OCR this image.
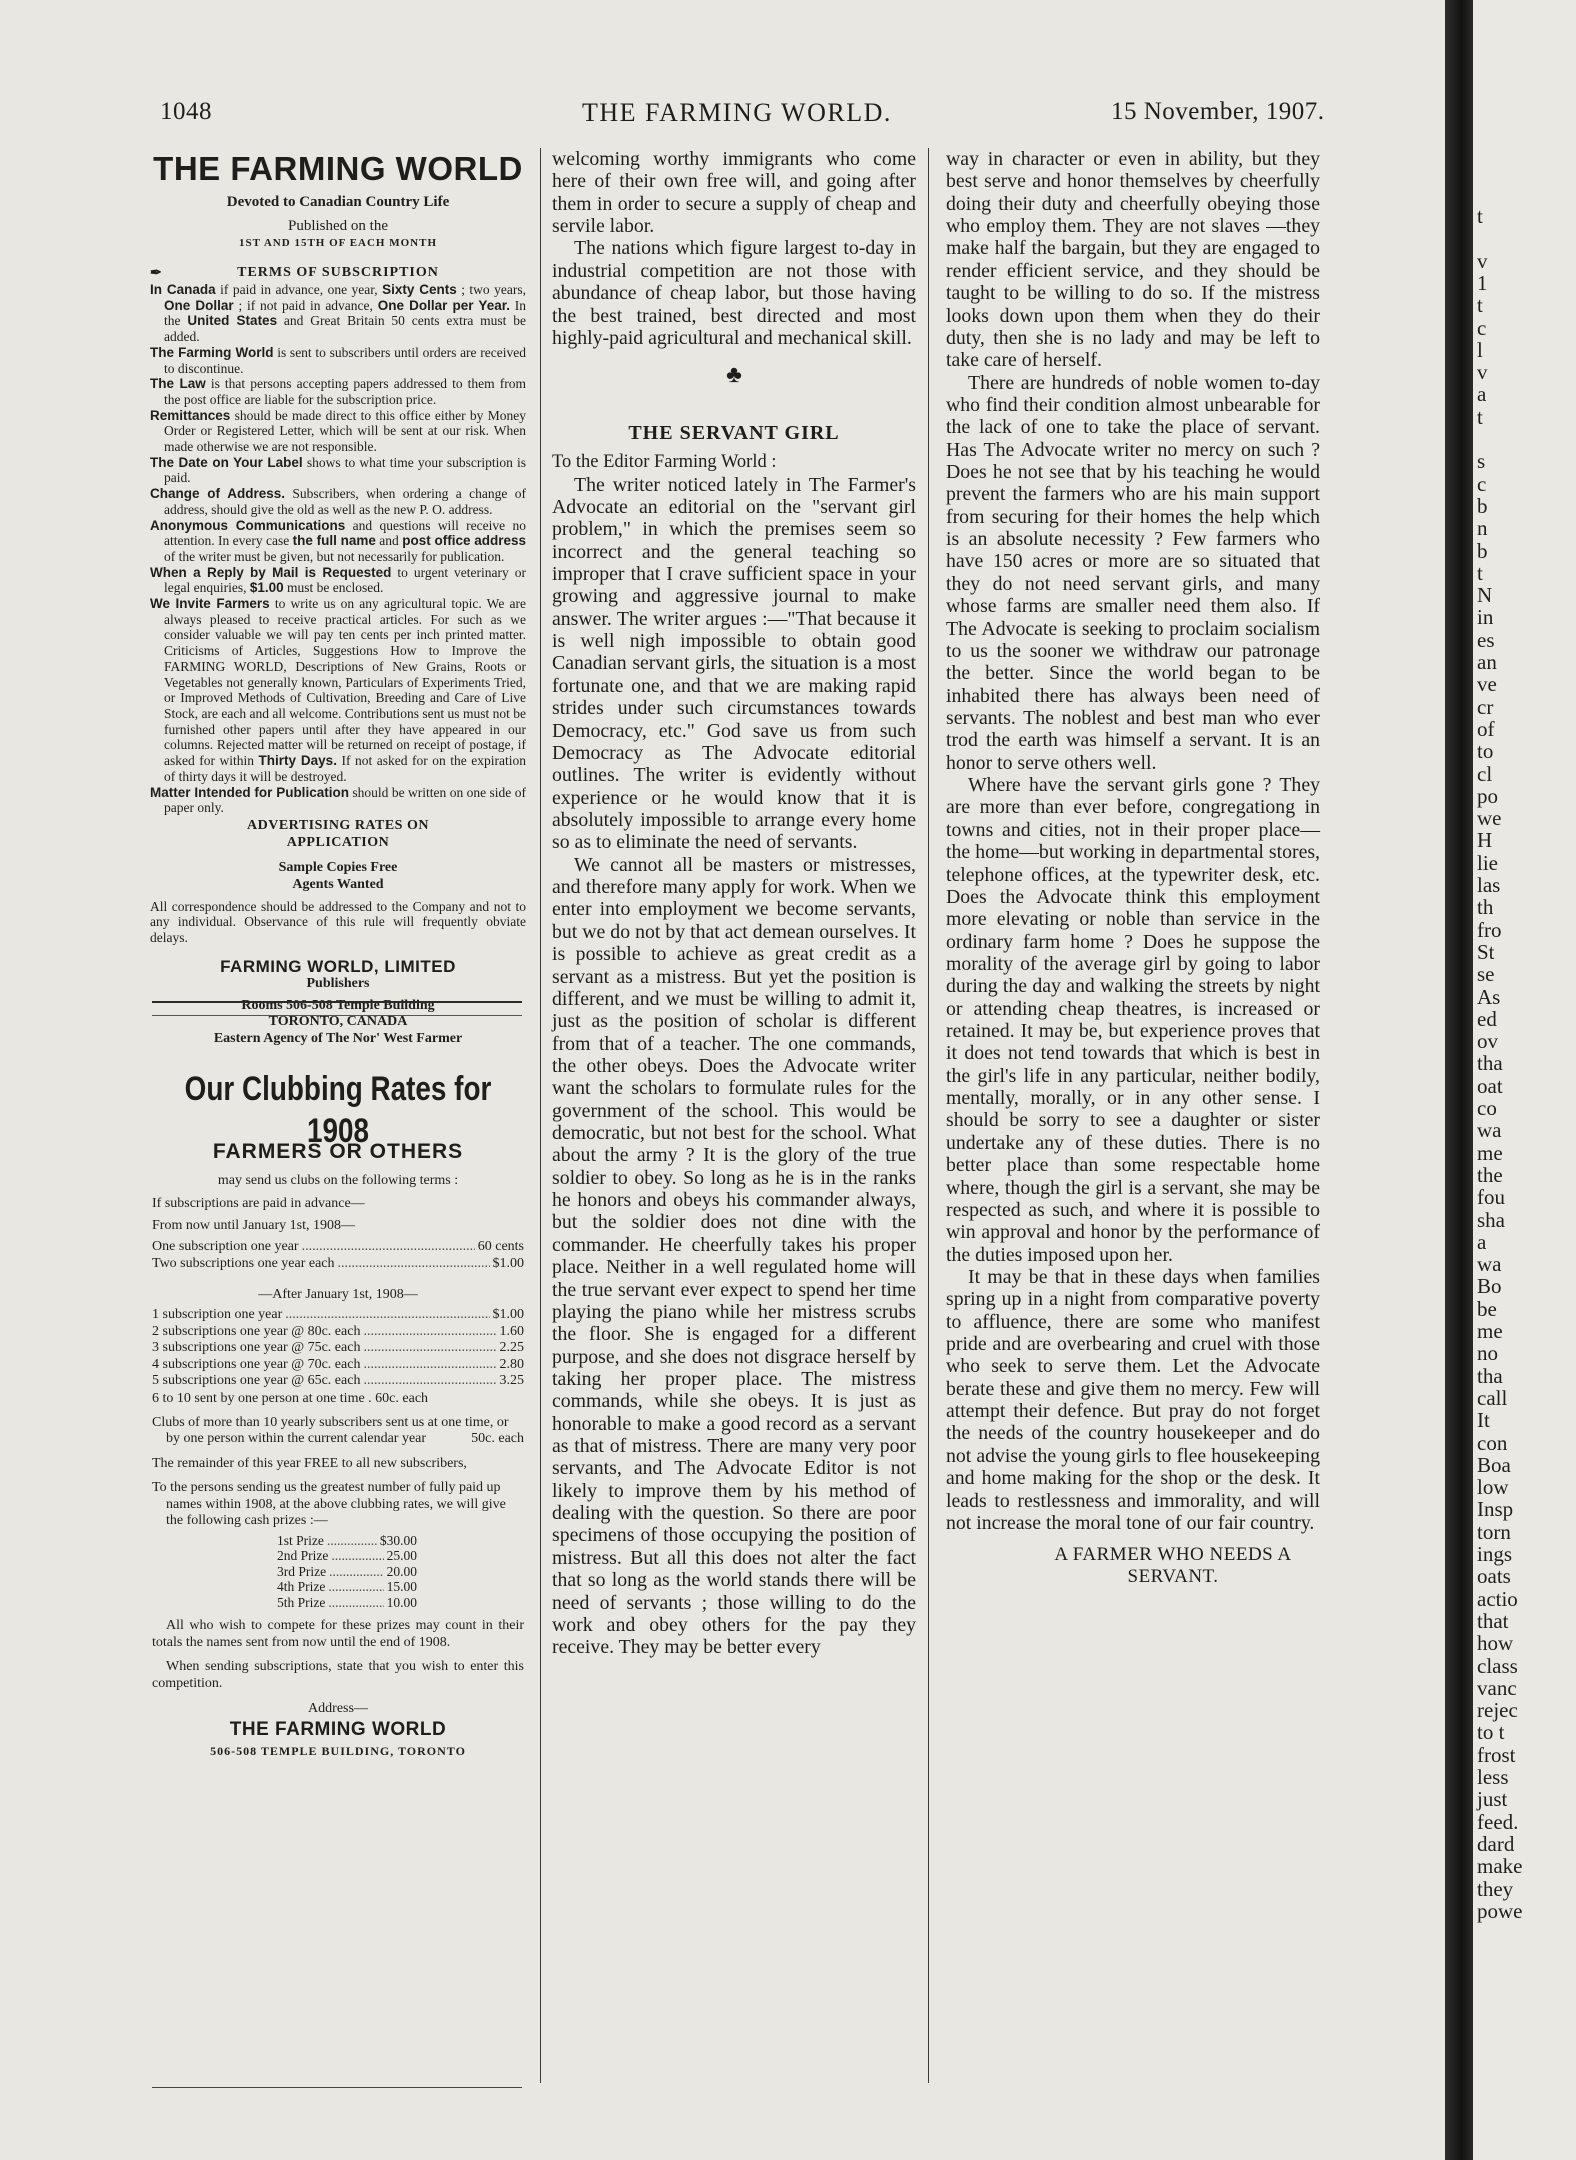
1048	THE FARMING WORLD.	15 November, 1907.
THE FARMING WORLD
Devoted to Canadian Country Life
Published on the
1ST AND 15TH OF EACH MONTH
✒	TERMS OF SUBSCRIPTION

In Canada if paid in advance, one year, Sixty Cents ; two years, One Dollar ; if not paid in advance, One Dollar per Year. In the United States and Great Britain 50 cents extra must be added.

The Farming World is sent to subscribers until orders are received to discontinue.

The Law is that persons accepting papers addressed to them from the post office are liable for the subscription price.

Remittances should be made direct to this office either by Money Order or Registered Letter, which will be sent at our risk. When made otherwise we are not responsible.

The Date on Your Label shows to what time your subscription is paid.

Change of Address. Subscribers, when ordering a change of address, should give the old as well as the new P. O. address.

Anonymous Communications and questions will receive no attention. In every case the full name and post office address of the writer must be given, but not necessarily for publication.

When a Reply by Mail is Requested to urgent veterinary or legal enquiries, $1.00 must be enclosed.

We Invite Farmers to write us on any agricultural topic. We are always pleased to receive practical articles. For such as we consider valuable we will pay ten cents per inch printed matter. Criticisms of Articles, Suggestions How to Improve the FARMING WORLD, Descriptions of New Grains, Roots or Vegetables not generally known, Particulars of Experiments Tried, or Improved Methods of Cultivation, Breeding and Care of Live Stock, are each and all welcome. Contributions sent us must not be furnished other papers until after they have appeared in our columns. Rejected matter will be returned on receipt of postage, if asked for within Thirty Days. If not asked for on the expiration of thirty days it will be destroyed.

Matter Intended for Publication should be written on one side of paper only.

ADVERTISING RATES ON
APPLICATION
Sample Copies Free
Agents Wanted
All correspondence should be addressed to the Company and not to any individual. Observance of this rule will frequently obviate delays.
FARMING WORLD, LIMITED
Publishers
Rooms 506-508 Temple Building
TORONTO, CANADA
Eastern Agency of The Nor' West Farmer
Our Clubbing Rates for 1908
FARMERS OR OTHERS

may send us clubs on the following terms :

If subscriptions are paid in advance—

From now until January 1st, 1908—

One subscription one year .....	60 cents
Two subscriptions one year each .....	$1.00
—After January 1st, 1908—
1 subscription one year .....	$1.00
2 subscriptions one year @ 80c. each .....	1.60
3 subscriptions one year @ 75c. each .....	2.25
4 subscriptions one year @ 70c. each .....	2.80
5 subscriptions one year @ 65c. each .....	3.25

6 to 10 sent by one person at one time . 60c. each

Clubs of more than 10 yearly subscribers sent us at one time, or by one person within the current calendar year	50c. each

The remainder of this year FREE to all new subscribers,

To the persons sending us the greatest number of fully paid up names within 1908, at the above clubbing rates, we will give the following cash prizes :—

1st Prize .....	$30.00
2nd Prize .....	25.00
3rd Prize .....	20.00
4th Prize .....	15.00
5th Prize .....	10.00

All who wish to compete for these prizes may count in their totals the names sent from now until the end of 1908.

When sending subscriptions, state that you wish to enter this competition.

Address—
THE FARMING WORLD
506-508 TEMPLE BUILDING, TORONTO

welcoming worthy immigrants who come here of their own free will, and going after them in order to secure a supply of cheap and servile labor.

The nations which figure largest to-day in industrial competition are not those with abundance of cheap labor, but those having the best trained, best directed and most highly-paid agricultural and mechanical skill.

♣
THE SERVANT GIRL

To the Editor Farming World :

The writer noticed lately in The Farmer's Advocate an editorial on the "servant girl problem," in which the premises seem so incorrect and the general teaching so improper that I crave sufficient space in your growing and aggressive journal to make answer. The writer argues :—"That because it is well nigh impossible to obtain good Canadian servant girls, the situation is a most fortunate one, and that we are making rapid strides under such circumstances towards Democracy, etc." God save us from such Democracy as The Advocate editorial outlines. The writer is evidently without experience or he would know that it is absolutely impossible to arrange every home so as to eliminate the need of servants.

We cannot all be masters or mistresses, and therefore many apply for work. When we enter into employment we become servants, but we do not by that act demean ourselves. It is possible to achieve as great credit as a servant as a mistress. But yet the position is different, and we must be willing to admit it, just as the position of scholar is different from that of a teacher. The one commands, the other obeys. Does the Advocate writer want the scholars to formulate rules for the government of the school. This would be democratic, but not best for the school. What about the army ? It is the glory of the true soldier to obey. So long as he is in the ranks he honors and obeys his commander always, but the soldier does not dine with the commander. He cheerfully takes his proper place. Neither in a well regulated home will the true servant ever expect to spend her time playing the piano while her mistress scrubs the floor. She is engaged for a different purpose, and she does not disgrace herself by taking her proper place. The mistress commands, while she obeys. It is just as honorable to make a good record as a servant as that of mistress. There are many very poor servants, and The Advocate Editor is not likely to improve them by his method of dealing with the question. So there are poor specimens of those occupying the position of mistress. But all this does not alter the fact that so long as the world stands there will be need of servants ; those willing to do the work and obey others for the pay they receive. They may be better every

way in character or even in ability, but they best serve and honor themselves by cheerfully doing their duty and cheerfully obeying those who employ them. They are not slaves —they make half the bargain, but they are engaged to render efficient service, and they should be taught to be willing to do so. If the mistress looks down upon them when they do their duty, then she is no lady and may be left to take care of herself.

There are hundreds of noble women to-day who find their condition almost unbearable for the lack of one to take the place of servant. Has The Advocate writer no mercy on such ? Does he not see that by his teaching he would prevent the farmers who are his main support from securing for their homes the help which is an absolute necessity ? Few farmers who have 150 acres or more are so situated that they do not need servant girls, and many whose farms are smaller need them also. If The Advocate is seeking to proclaim socialism to us the sooner we withdraw our patronage the better. Since the world began to be inhabited there has always been need of servants. The noblest and best man who ever trod the earth was himself a servant. It is an honor to serve others well.

Where have the servant girls gone ? They are more than ever before, congregationg in towns and cities, not in their proper place— the home—but working in departmental stores, telephone offices, at the typewriter desk, etc. Does the Advocate think this employment more elevating or noble than service in the ordinary farm home ? Does he suppose the morality of the average girl by going to labor during the day and walking the streets by night or attending cheap theatres, is increased or retained. It may be, but experience proves that it does not tend towards that which is best in the girl's life in any particular, neither bodily, mentally, morally, or in any other sense. I should be sorry to see a daughter or sister undertake any of these duties. There is no better place than some respectable home where, though the girl is a servant, she may be respected as such, and where it is possible to win approval and honor by the performance of the duties imposed upon her.

It may be that in these days when families spring up in a night from comparative poverty to affluence, there are some who manifest pride and are overbearing and cruel with those who seek to serve them. Let the Advocate berate these and give them no mercy. Few will attempt their defence. But pray do not forget the needs of the country housekeeper and do not advise the young girls to flee housekeeping and home making for the shop or the desk. It leads to restlessness and immorality, and will not increase the moral tone of our fair country.

A FARMER WHO NEEDS A
SERVANT.
t
v
1
t
c
l
v
a
t
s
c
b
n
b
t
N
in
es
an
ve
cr
of
to
cl
po
we
H
lie
las
th
fro
St
se
As
ed
ov
tha
oat
co
wa
me
the
fou
sha
a
wa
Bo
be
me
no
tha
call
It
con
Boa
low
Insp
torn
ings
oats
actio
that
how
class
vanc
rejec
to t
frost
less
just
feed.
dard
make
they
powe
